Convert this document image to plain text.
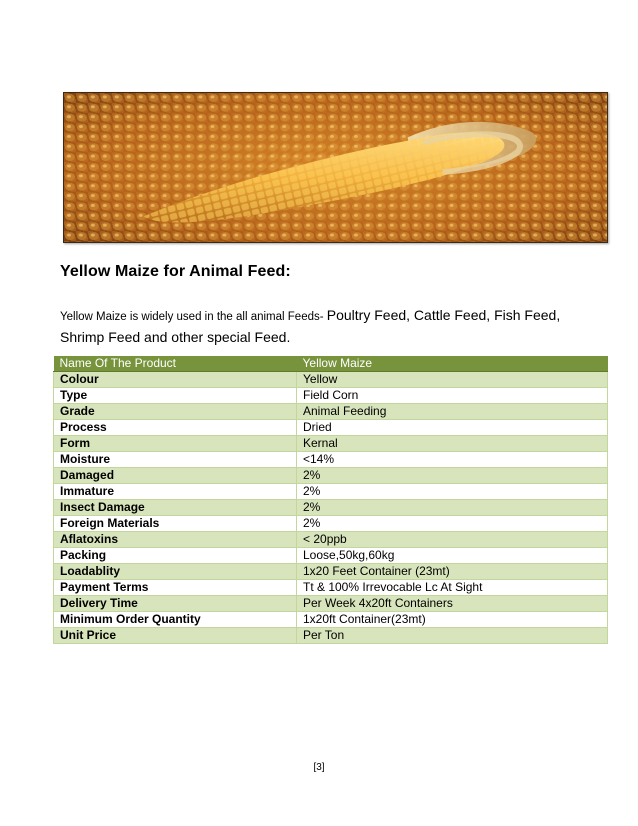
Yellow Maize for Animal Feed:
Yellow Maize is widely used in the all animal Feeds- Poultry Feed, Cattle Feed, Fish Feed, Shrimp Feed and other special Feed.
Name Of The Product	Yellow Maize
Colour	Yellow
Type	Field Corn
Grade	Animal Feeding
Process	Dried
Form	Kernal
Moisture	<14%
Damaged	2%
Immature	2%
Insect Damage	2%
Foreign Materials	2%
Aflatoxins	< 20ppb
Packing	Loose,50kg,60kg
Loadablity	1x20 Feet Container (23mt)
Payment Terms	Tt & 100% Irrevocable Lc At Sight
Delivery Time	Per Week 4x20ft Containers
Minimum Order Quantity	1x20ft Container(23mt)
Unit Price	Per Ton
[3]
